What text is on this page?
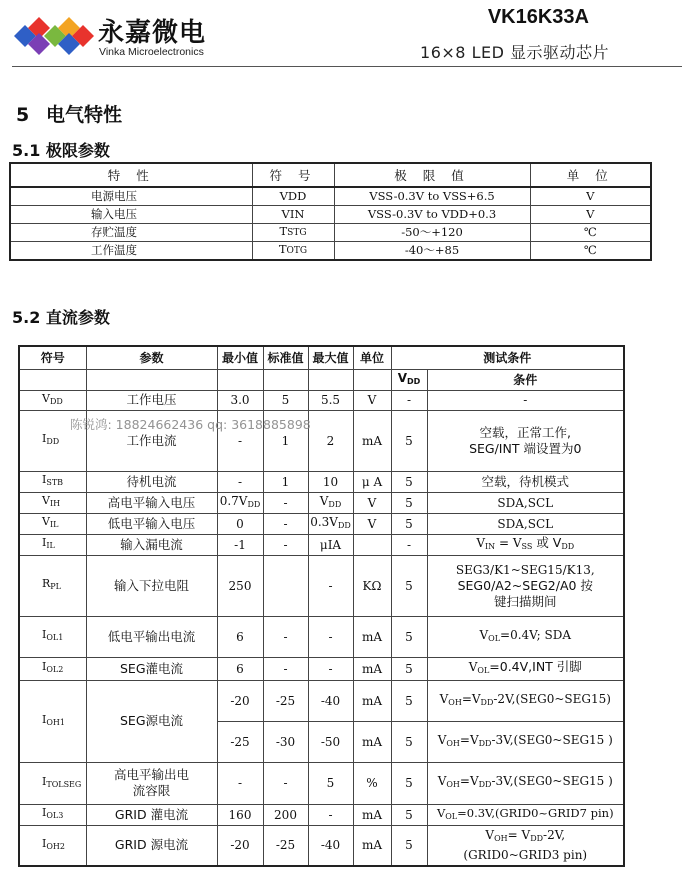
永嘉微电
Vinka Microelectronics
VK16K33A
16×8 LED 显示驱动芯片
5 电气特性
5.1 极限参数
特 性	符 号	极 限 值	单 位
电源电压	VDD	VSS-0.3V to VSS+6.5	V
输入电压	VIN	VSS-0.3V to VDD+0.3	V
存贮温度	TSTG	-50～+120	℃
工作温度	TOTG	-40～+85	℃
5.2 直流参数
符号	参数	最小值	标准值	最大值	单位	测试条件	
						$V_{DD}$	条件
$V_{DD}$	工作电压	3.0	5	5.5	V	-	-
$I_{DD}$	工作电流	-	1	2	mA	5	空载，正常工作,
SEG/INT 端设置为0

$I_{STB}$	待机电流	-	1	10	μ A	5	空载，待机模式
$V_{IH}$	高电平输入电压	$0.7V_{DD}$	-	$V_{DD}$	V	5	SDA,SCL
$V_{IL}$	低电平输入电压	0	-	$0.3V_{DD}$	V	5	SDA,SCL
$I_{IL}$	输入漏电流	-1	-	μIA		-	$V_{IN} = V_{SS}$ 或 $V_{DD}$
$R_{PL}$	输入下拉电阻	250		-	KΩ	5	SEG3/K1~SEG15/K13,
SEG0/A2~SEG2/A0 按
键扫描期间

$I_{OL1}$	低电平输出电流	6	-	-	mA	5	$V_{OL}=0.4V$; SDA
$I_{OL2}$	SEG灌电流	6	-	-	mA	5	$V_{OL}=0.4V,INT$ 引脚
$I_{OH1}$	SEG源电流	-20	-25	-40	mA	5	$V_{OH}=V_{DD}-2V,(SEG0\sim SEG15)$
		-25	-30	-50	mA	5	$V_{OH}=V_{DD}-3V,(SEG0\sim SEG15$ )
$I_{TOLSEG}$	高电平输出电
流容限	-	-	5	%	5	$V_{OH}=V_{DD}-3V,(SEG0\sim SEG15$ )
$I_{OL3}$	GRID 灌电流	160	200	-	mA	5	$V_{OL}=0.3V,(GRID0\sim GRID7$ pin)
$I_{OH2}$	GRID 源电流	-20	-25	-40	mA	5	$V_{OH}= V_{DD}-2V$,
(GRID0~GRID3 pin)
陈锐鸿: 18824662436 qq: 3618885898
